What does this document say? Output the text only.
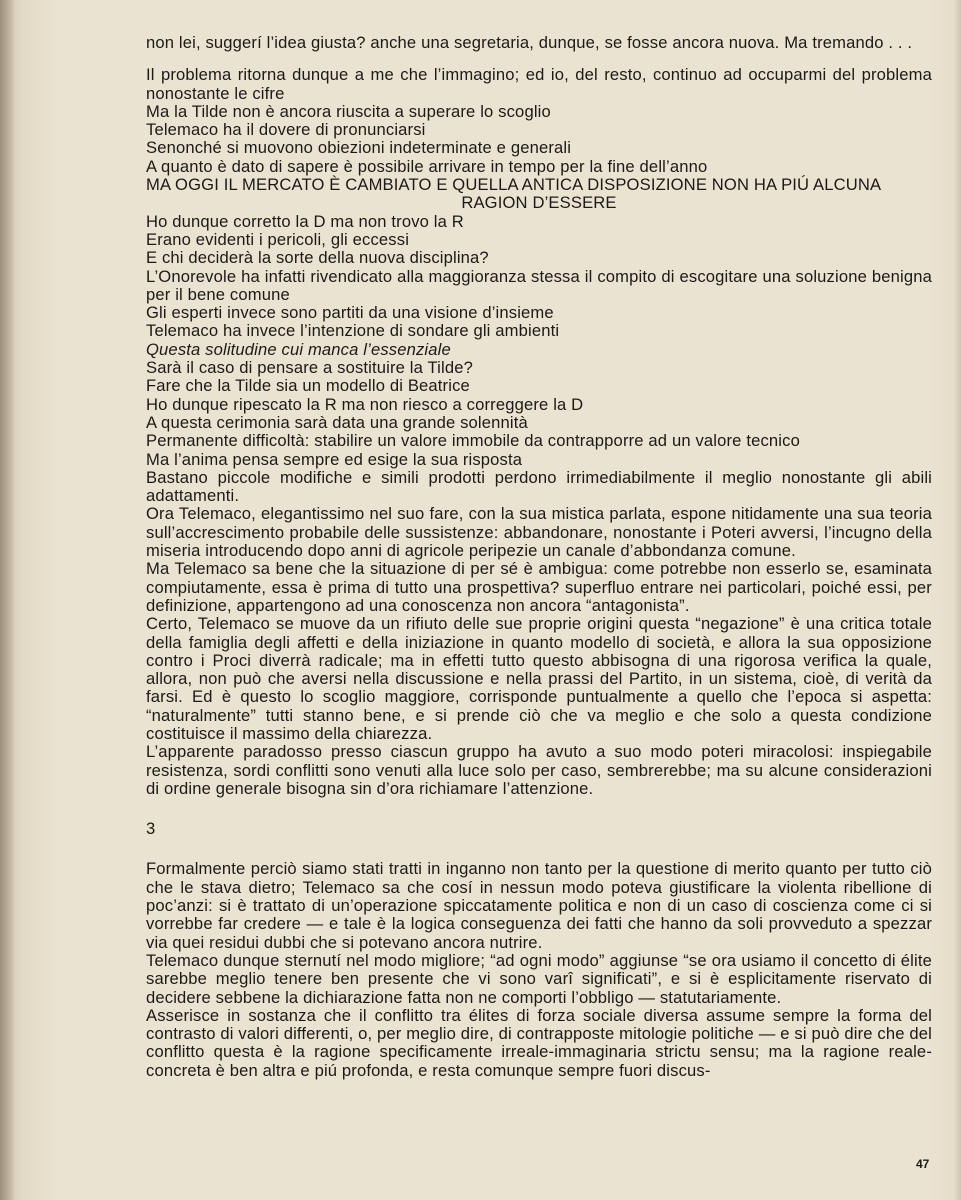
non lei, suggerí l’idea giusta? anche una segretaria, dunque, se fosse ancora nuova. Ma tremando . . .

Il problema ritorna dunque a me che l’immagino; ed io, del resto, continuo ad occuparmi del problema nonostante le cifre

Ma la Tilde non è ancora riuscita a superare lo scoglio

Telemaco ha il dovere di pronunciarsi

Senonché si muovono obiezioni indeterminate e generali

A quanto è dato di sapere è possibile arrivare in tempo per la fine dell’anno

MA OGGI IL MERCATO È CAMBIATO E QUELLA ANTICA DISPOSIZIONE NON HA PIÚ ALCUNA

RAGION D’ESSERE

Ho dunque corretto la D ma non trovo la R

Erano evidenti i pericoli, gli eccessi

E chi deciderà la sorte della nuova disciplina?

L’Onorevole ha infatti rivendicato alla maggioranza stessa il compito di escogitare una soluzione benigna per il bene comune

Gli esperti invece sono partiti da una visione d’insieme

Telemaco ha invece l’intenzione di sondare gli ambienti

Questa solitudine cui manca l’essenziale

Sarà il caso di pensare a sostituire la Tilde?

Fare che la Tilde sia un modello di Beatrice

Ho dunque ripescato la R ma non riesco a correggere la D

A questa cerimonia sarà data una grande solennità

Permanente difficoltà: stabilire un valore immobile da contrapporre ad un valore tecnico

Ma l’anima pensa sempre ed esige la sua risposta

Bastano piccole modifiche e simili prodotti perdono irrimediabilmente il meglio nonostante gli abili adattamenti.

Ora Telemaco, elegantissimo nel suo fare, con la sua mistica parlata, espone nitidamente una sua teoria sull’accrescimento probabile delle sussistenze: abbandonare, nonostante i Poteri avversi, l’incugno della miseria introducendo dopo anni di agricole peripezie un canale d’abbondanza comune.

Ma Telemaco sa bene che la situazione di per sé è ambigua: come potrebbe non esserlo se, esaminata compiutamente, essa è prima di tutto una prospettiva? superfluo entrare nei particolari, poiché essi, per definizione, appartengono ad una conoscenza non ancora “antagonista”.

Certo, Telemaco se muove da un rifiuto delle sue proprie origini questa “negazione” è una critica totale della famiglia degli affetti e della iniziazione in quanto modello di società, e allora la sua opposizione contro i Proci diverrà radicale; ma in effetti tutto questo abbisogna di una rigorosa verifica la quale, allora, non può che aversi nella discussione e nella prassi del Partito, in un sistema, cioè, di verità da farsi. Ed è questo lo scoglio maggiore, corrisponde puntualmente a quello che l’epoca si aspetta: “naturalmente” tutti stanno bene, e si prende ciò che va meglio e che solo a questa condizione costituisce il massimo della chiarezza.

L’apparente paradosso presso ciascun gruppo ha avuto a suo modo poteri miracolosi: inspiegabile resistenza, sordi conflitti sono venuti alla luce solo per caso, sembrerebbe; ma su alcune considerazioni di ordine generale bisogna sin d’ora richiamare l’attenzione.

3

Formalmente perciò siamo stati tratti in inganno non tanto per la questione di merito quanto per tutto ciò che le stava dietro; Telemaco sa che cosí in nessun modo poteva giustificare la violenta ribellione di poc’anzi: si è trattato di un’operazione spiccatamente politica e non di un caso di coscienza come ci si vorrebbe far credere — e tale è la logica conseguenza dei fatti che hanno da soli provveduto a spezzar via quei residui dubbi che si potevano ancora nutrire.

Telemaco dunque sternutí nel modo migliore; “ad ogni modo” aggiunse “se ora usiamo il concetto di élite sarebbe meglio tenere ben presente che vi sono varî significati”, e si è esplicitamente riservato di decidere sebbene la dichiarazione fatta non ne comporti l’obbligo — statutariamente.

Asserisce in sostanza che il conflitto tra élites di forza sociale diversa assume sempre la forma del contrasto di valori differenti, o, per meglio dire, di contrapposte mitologie politiche — e si può dire che del conflitto questa è la ragione specificamente irreale-immaginaria strictu sensu; ma la ragione reale-concreta è ben altra e piú profonda, e resta comunque sempre fuori discus-

47
